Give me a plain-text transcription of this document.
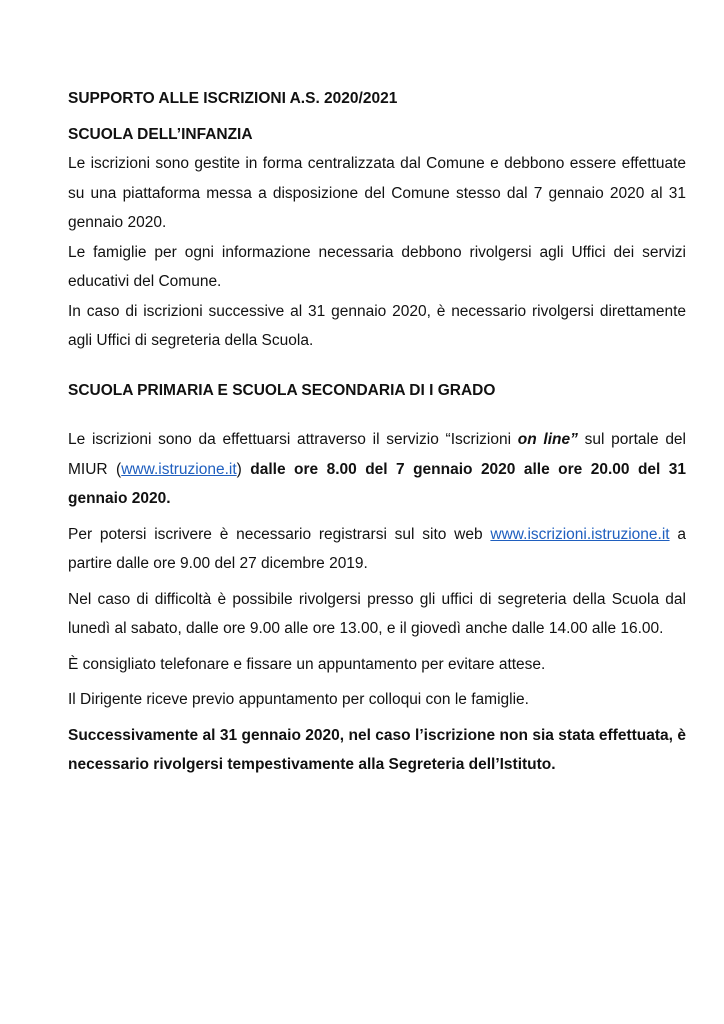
SUPPORTO ALLE ISCRIZIONI A.S. 2020/2021

SCUOLA DELL’INFANZIA

Le iscrizioni sono gestite in forma centralizzata dal Comune e debbono essere effettuate su una piattaforma messa a disposizione del Comune stesso dal 7 gennaio 2020 al 31 gennaio 2020.

Le famiglie per ogni informazione necessaria debbono rivolgersi agli Uffici dei servizi educativi del Comune.

In caso di iscrizioni successive al 31 gennaio 2020, è necessario rivolgersi direttamente agli Uffici di segreteria della Scuola.

SCUOLA PRIMARIA E SCUOLA SECONDARIA DI I GRADO

Le iscrizioni sono da effettuarsi attraverso il servizio “Iscrizioni on line” sul portale del MIUR (www.istruzione.it) dalle ore 8.00 del 7 gennaio 2020 alle ore 20.00 del 31 gennaio 2020.

Per potersi iscrivere è necessario registrarsi sul sito web www.iscrizioni.istruzione.it a partire dalle ore 9.00 del 27 dicembre 2019.

Nel caso di difficoltà è possibile rivolgersi presso gli uffici di segreteria della Scuola dal lunedì al sabato, dalle ore 9.00 alle ore 13.00, e il giovedì anche dalle 14.00 alle 16.00.

È consigliato telefonare e fissare un appuntamento per evitare attese.

Il Dirigente riceve previo appuntamento per colloqui con le famiglie.

Successivamente al 31 gennaio 2020, nel caso l’iscrizione non sia stata effettuata, è necessario rivolgersi tempestivamente alla Segreteria dell’Istituto.
